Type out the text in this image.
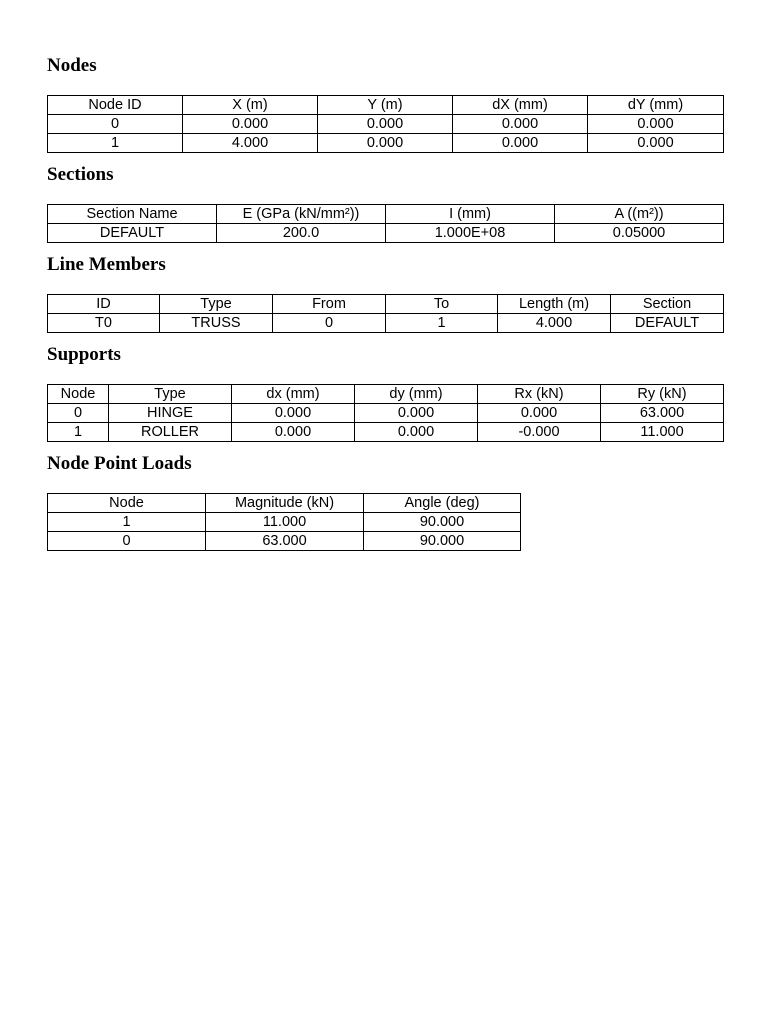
Nodes
Node ID	X (m)	Y (m)	dX (mm)	dY (mm)
0	0.000	0.000	0.000	0.000
1	4.000	0.000	0.000	0.000
Sections
Section Name	E (GPa (kN/mm²))	I (mm)	A ((m²))
DEFAULT	200.0	1.000E+08	0.05000
Line Members
ID	Type	From	To	Length (m)	Section
T0	TRUSS	0	1	4.000	DEFAULT
Supports
Node	Type	dx (mm)	dy (mm)	Rx (kN)	Ry (kN)
0	HINGE	0.000	0.000	0.000	63.000
1	ROLLER	0.000	0.000	-0.000	11.000
Node Point Loads
Node	Magnitude (kN)	Angle (deg)
1	11.000	90.000
0	63.000	90.000
